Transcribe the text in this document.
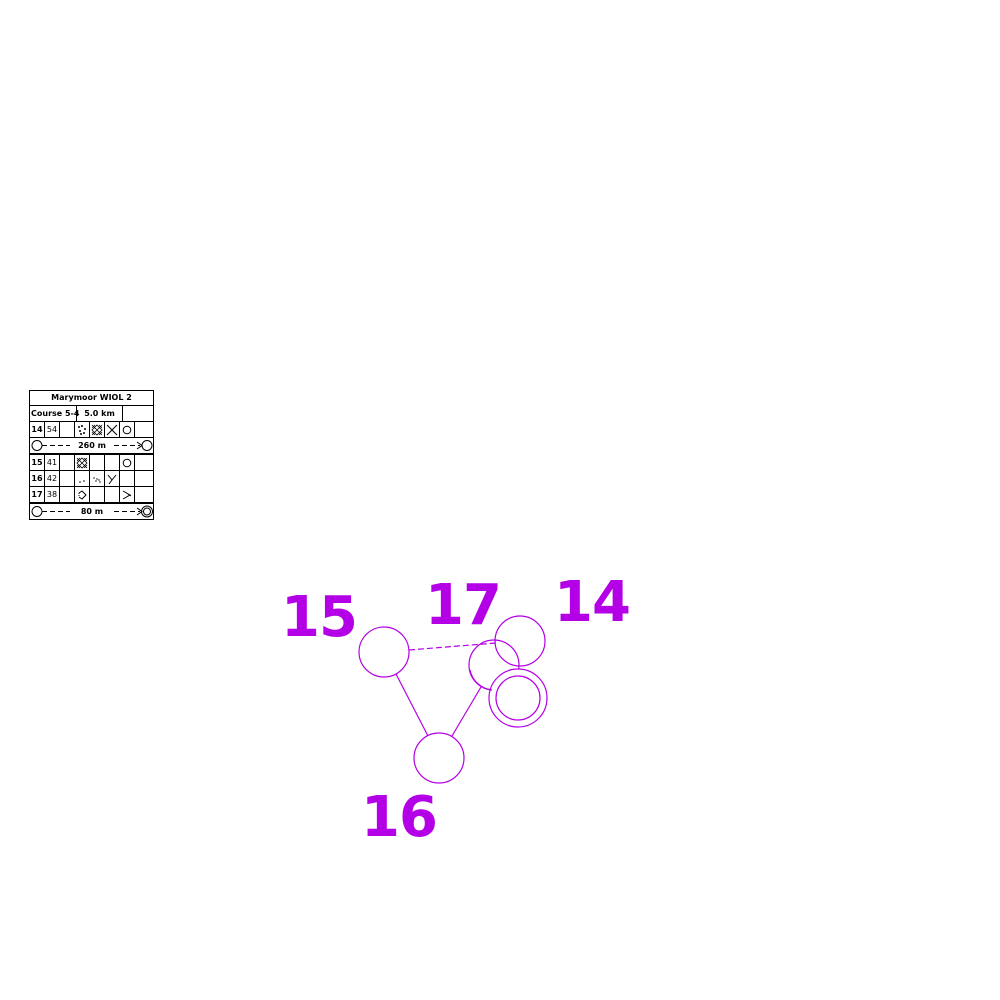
15 17 14
16
Marymoor WIOL 2
Course 5-4 5.0 km
14 54
260 m
15 41
16 42
17 38
80 m
